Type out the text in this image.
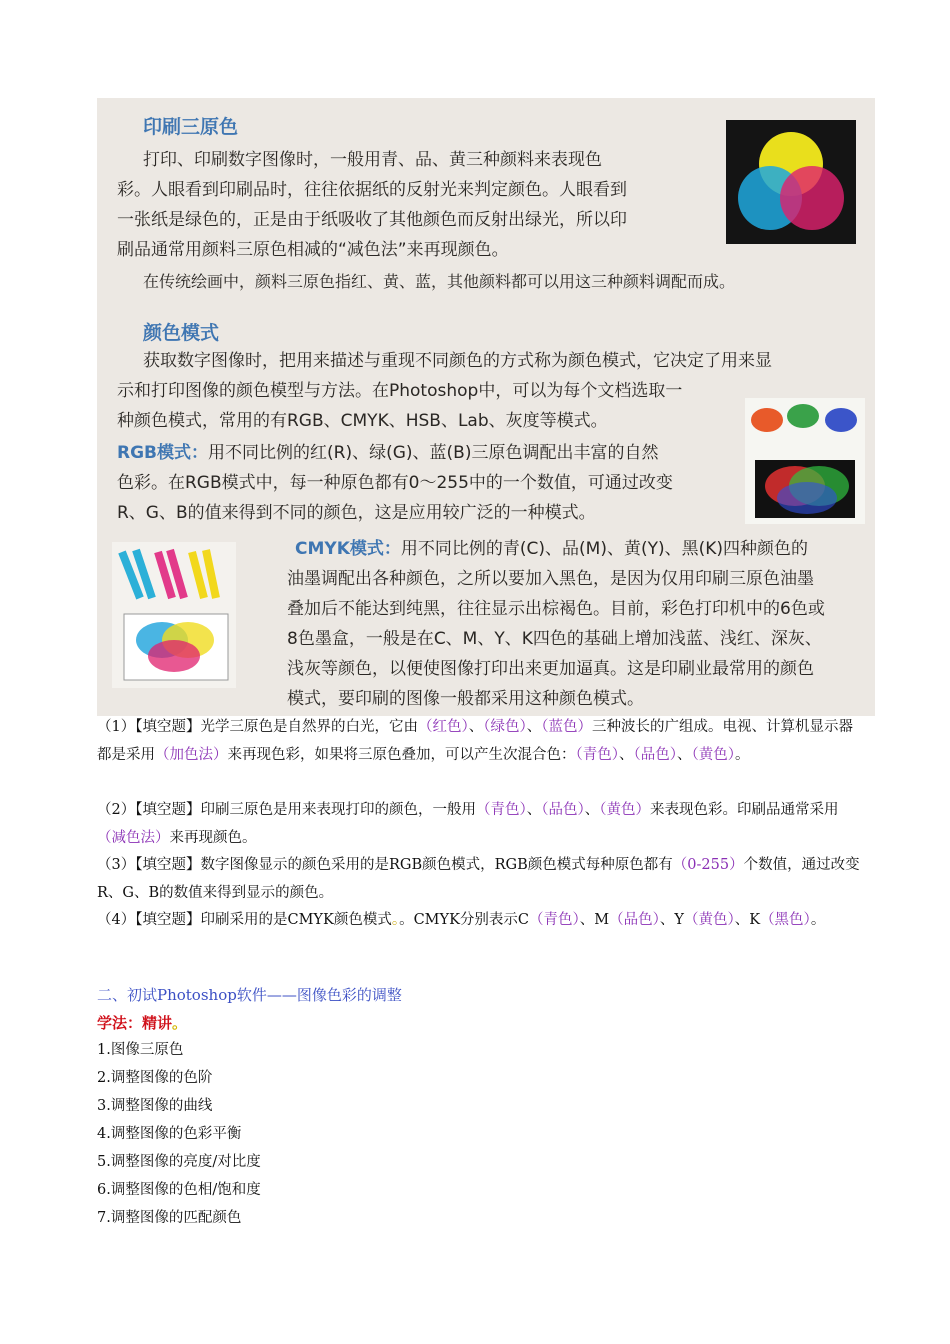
印刷三原色

打印、印刷数字图像时，一般用青、品、黄三种颜料来表现色

彩。人眼看到印刷品时，往往依据纸的反射光来判定颜色。人眼看到

一张纸是绿色的，正是由于纸吸收了其他颜色而反射出绿光，所以印

刷品通常用颜料三原色相减的“减色法”来再现颜色。

在传统绘画中，颜料三原色指红、黄、蓝，其他颜料都可以用这三种颜料调配而成。

颜色模式

获取数字图像时，把用来描述与重现不同颜色的方式称为颜色模式，它决定了用来显

示和打印图像的颜色模型与方法。在Photoshop中，可以为每个文档选取一

种颜色模式，常用的有RGB、CMYK、HSB、Lab、灰度等模式。

RGB模式：用不同比例的红(R)、绿(G)、蓝(B)三原色调配出丰富的自然

色彩。在RGB模式中，每一种原色都有0～255中的一个数值，可通过改变

R、G、B的值来得到不同的颜色，这是应用较广泛的一种模式。

CMYK模式：用不同比例的青(C)、品(M)、黄(Y)、黑(K)四种颜色的

油墨调配出各种颜色，之所以要加入黑色，是因为仅用印刷三原色油墨

叠加后不能达到纯黑，往往显示出棕褐色。目前，彩色打印机中的6色或

8色墨盒，一般是在C、M、Y、K四色的基础上增加浅蓝、浅红、深灰、

浅灰等颜色，以便使图像打印出来更加逼真。这是印刷业最常用的颜色

模式，要印刷的图像一般都采用这种颜色模式。

（1）【填空题】光学三原色是自然界的白光，它由（红色）、（绿色）、（蓝色）三种波长的广组成。电视、计算机显示器都是采用（加色法）来再现色彩，如果将三原色叠加，可以产生次混合色：（青色）、（品色）、（黄色）。
（2）【填空题】印刷三原色是用来表现打印的颜色，一般用（青色）、（品色）、（黄色）来表现色彩。印刷品通常采用（减色法）来再现颜色。
（3）【填空题】数字图像显示的颜色采用的是RGB颜色模式，RGB颜色模式每种原色都有（0-255）个数值，通过改变R、G、B的数值来得到显示的颜色。
（4）【填空题】印刷采用的是CMYK颜色模式。。CMYK分别表示C（青色）、M（品色）、Y（黄色）、K（黑色）。
二、初试Photoshop软件——图像色彩的调整
学法：精讲。
1.图像三原色
2.调整图像的色阶
3.调整图像的曲线
4.调整图像的色彩平衡
5.调整图像的亮度/对比度
6.调整图像的色相/饱和度
7.调整图像的匹配颜色
